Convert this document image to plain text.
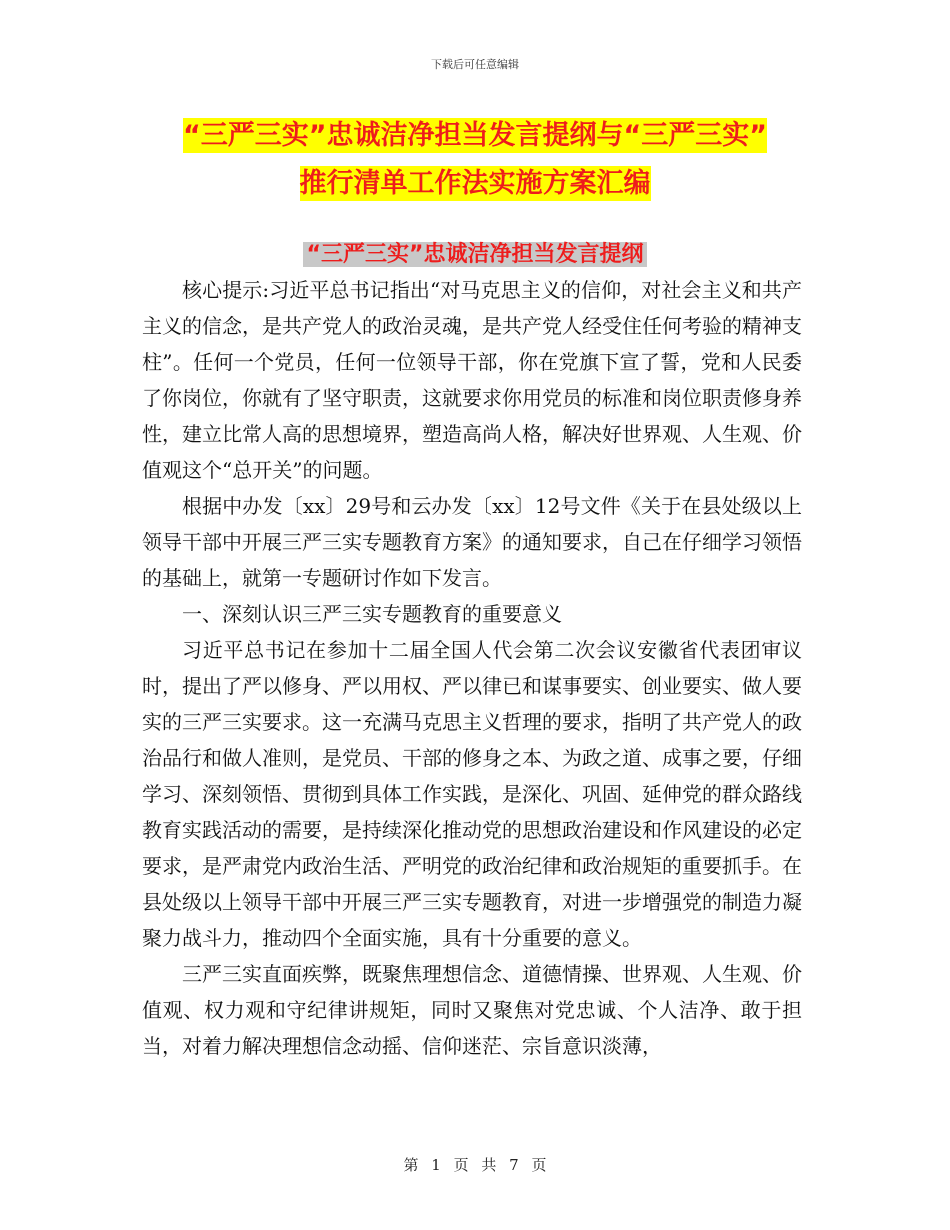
下载后可任意编辑
“三严三实”忠诚洁净担当发言提纲与“三严三实”
推行清单工作法实施方案汇编
“三严三实”忠诚洁净担当发言提纲

核心提示:习近平总书记指出“对马克思主义的信仰，对社会主义和共产主义的信念，是共产党人的政治灵魂，是共产党人经受住任何考验的精神支柱”。任何一个党员，任何一位领导干部，你在党旗下宣了誓，党和人民委了你岗位，你就有了坚守职责，这就要求你用党员的标准和岗位职责修身养性，建立比常人高的思想境界，塑造高尚人格，解决好世界观、人生观、价值观这个“总开关”的问题。

根据中办发〔xx〕29号和云办发〔xx〕12号文件《关于在县处级以上领导干部中开展三严三实专题教育方案》的通知要求，自己在仔细学习领悟的基础上，就第一专题研讨作如下发言。

一、深刻认识三严三实专题教育的重要意义

习近平总书记在参加十二届全国人代会第二次会议安徽省代表团审议时，提出了严以修身、严以用权、严以律已和谋事要实、创业要实、做人要实的三严三实要求。这一充满马克思主义哲理的要求，指明了共产党人的政治品行和做人准则，是党员、干部的修身之本、为政之道、成事之要，仔细学习、深刻领悟、贯彻到具体工作实践，是深化、巩固、延伸党的群众路线教育实践活动的需要，是持续深化推动党的思想政治建设和作风建设的必定要求，是严肃党内政治生活、严明党的政治纪律和政治规矩的重要抓手。在县处级以上领导干部中开展三严三实专题教育，对进一步增强党的制造力凝聚力战斗力，推动四个全面实施，具有十分重要的意义。

三严三实直面疾弊，既聚焦理想信念、道德情操、世界观、人生观、价值观、权力观和守纪律讲规矩，同时又聚焦对党忠诚、个人洁净、敢于担当，对着力解决理想信念动摇、信仰迷茫、宗旨意识淡薄，

第 1 页 共 7 页
